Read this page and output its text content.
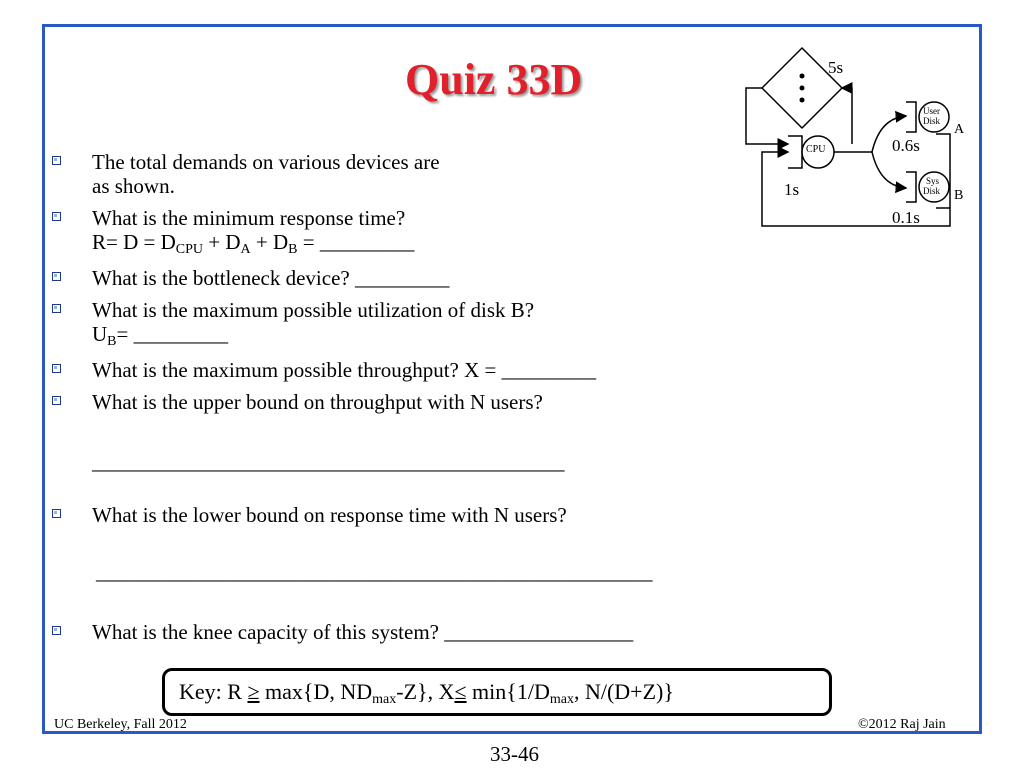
Quiz 33D
The total demands on various devices are
as shown.
What is the minimum response time?
$R= D = D_{CPU} + D_A + D_B$ = _________
What is the bottleneck device? _________
What is the maximum possible utilization of disk B?
$U_B=$ _________
What is the maximum possible throughput? X = _________
What is the upper bound on throughput with N users?
_____________________________________________
What is the lower bound on response time with N users?
_____________________________________________________
What is the knee capacity of this system? __________________
5s
CPU
1s
User
Disk
A
0.6s
Sys
Disk B
0.1s
Key: R ≥ max{D, $ND_{max}-Z$}, $X\le \min\{1/D_{max}$, N/(D+Z)}
UC Berkeley, Fall 2012	©2012 Raj Jain
33-46
